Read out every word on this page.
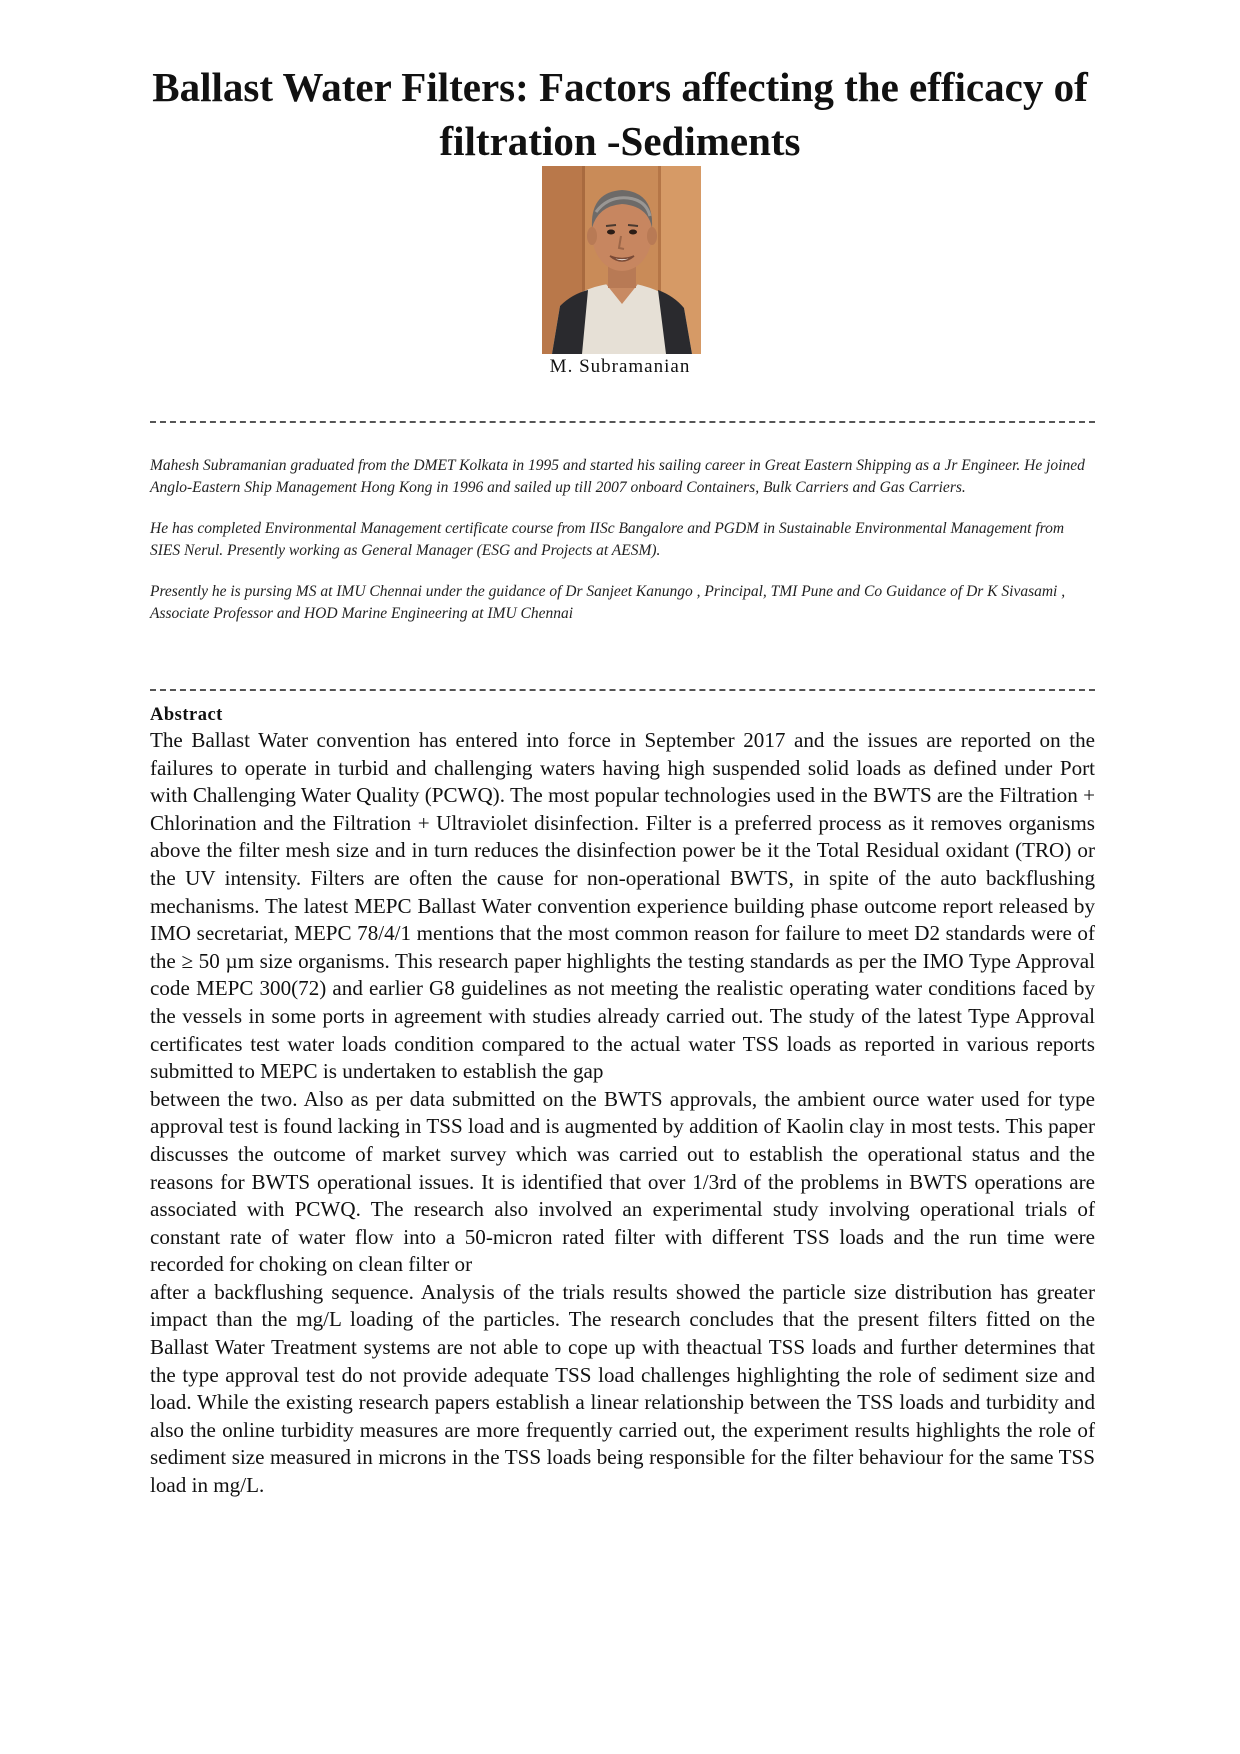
Ballast Water Filters: Factors affecting the efficacy of filtration -Sediments
M. Subramanian

Mahesh Subramanian graduated from the DMET Kolkata in 1995 and started his sailing career in Great Eastern Shipping as a Jr Engineer. He joined Anglo-Eastern Ship Management Hong Kong in 1996 and sailed up till 2007 onboard Containers, Bulk Carriers and Gas Carriers.

He has completed Environmental Management certificate course from IISc Bangalore and PGDM in Sustainable Environmental Management from SIES Nerul. Presently working as General Manager (ESG and Projects at AESM).

Presently he is pursing MS at IMU Chennai under the guidance of Dr Sanjeet Kanungo , Principal, TMI Pune and Co Guidance of Dr K Sivasami , Associate Professor and HOD Marine Engineering at IMU Chennai

Abstract

The Ballast Water convention has entered into force in September 2017 and the issues are reported on the failures to operate in turbid and challenging waters having high suspended solid loads as defined under Port with Challenging Water Quality (PCWQ). The most popular technologies used in the BWTS are the Filtration + Chlorination and the Filtration + Ultraviolet disinfection. Filter is a preferred process as it removes organisms above the filter mesh size and in turn reduces the disinfection power be it the Total Residual oxidant (TRO) or the UV intensity. Filters are often the cause for non-operational BWTS, in spite of the auto backflushing mechanisms. The latest MEPC Ballast Water convention experience building phase outcome report released by IMO secretariat, MEPC 78/4/1 mentions that the most common reason for failure to meet D2 standards were of the ≥ 50 µm size organisms. This research paper highlights the testing standards as per the IMO Type Approval code MEPC 300(72) and earlier G8 guidelines as not meeting the realistic operating water conditions faced by the vessels in some ports in agreement with studies already carried out. The study of the latest Type Approval certificates test water loads condition compared to the actual water TSS loads as reported in various reports submitted to MEPC is undertaken to establish the gap

between the two. Also as per data submitted on the BWTS approvals, the ambient ource water used for type approval test is found lacking in TSS load and is augmented by addition of Kaolin clay in most tests. This paper discusses the outcome of market survey which was carried out to establish the operational status and the reasons for BWTS operational issues. It is identified that over 1/3rd of the problems in BWTS operations are associated with PCWQ. The research also involved an experimental study involving operational trials of constant rate of water flow into a 50-micron rated filter with different TSS loads and the run time were recorded for choking on clean filter or

after a backflushing sequence. Analysis of the trials results showed the particle size distribution has greater impact than the mg/L loading of the particles. The research concludes that the present filters fitted on the Ballast Water Treatment systems are not able to cope up with theactual TSS loads and further determines that the type approval test do not provide adequate TSS load challenges highlighting the role of sediment size and load. While the existing research papers establish a linear relationship between the TSS loads and turbidity and also the online turbidity measures are more frequently carried out, the experiment results highlights the role of sediment size measured in microns in the TSS loads being responsible for the filter behaviour for the same TSS load in mg/L.
